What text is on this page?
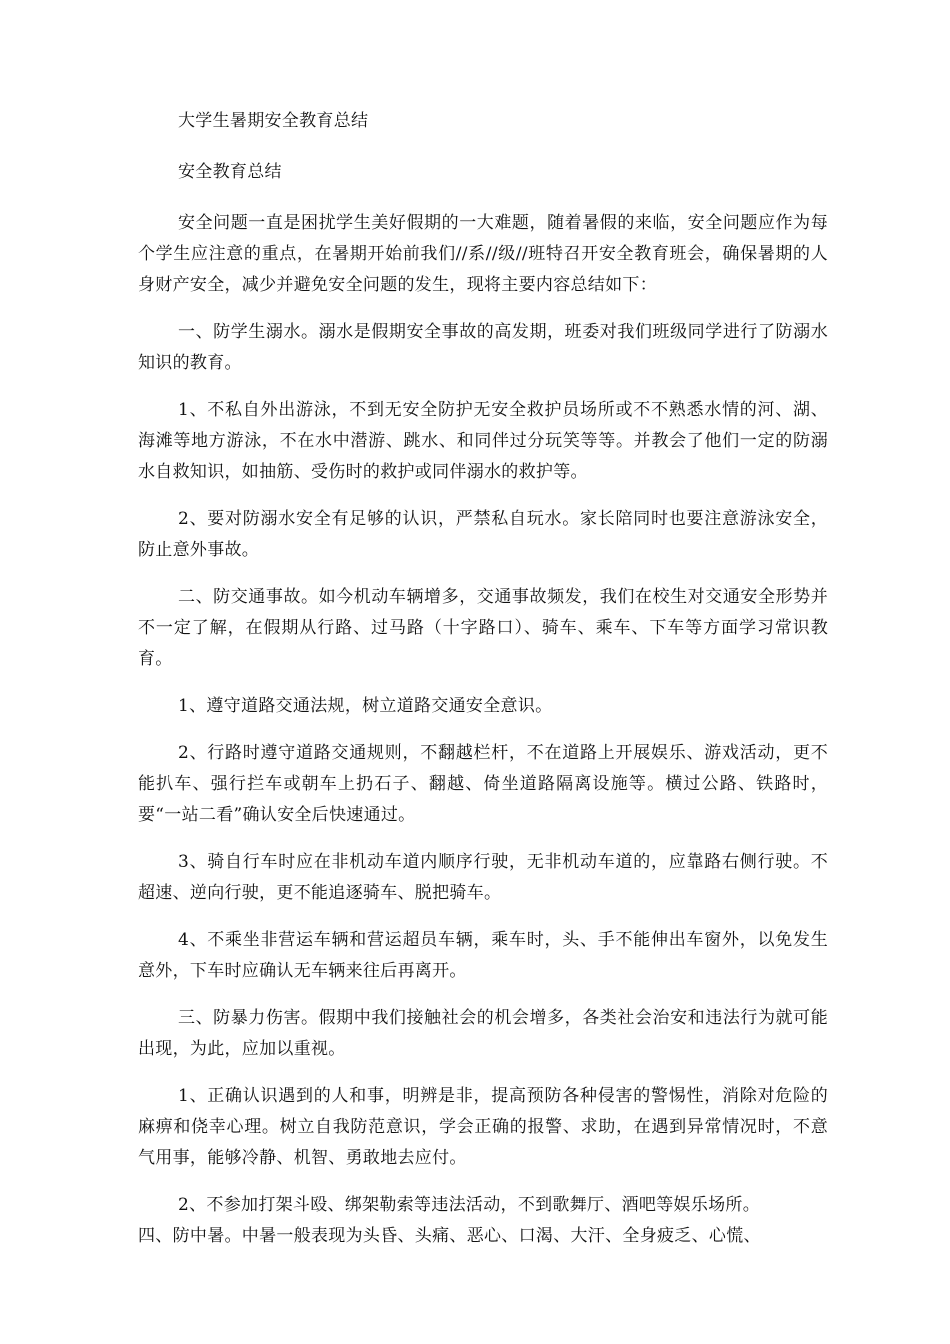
大学生暑期安全教育总结

安全教育总结

安全问题一直是困扰学生美好假期的一大难题，随着暑假的来临，安全问题应作为每个学生应注意的重点，在暑期开始前我们//系//级//班特召开安全教育班会，确保暑期的人身财产安全，减少并避免安全问题的发生，现将主要内容总结如下：

一、防学生溺水。溺水是假期安全事故的高发期，班委对我们班级同学进行了防溺水知识的教育。

1、不私自外出游泳，不到无安全防护无安全救护员场所或不不熟悉水情的河、湖、海滩等地方游泳，不在水中潜游、跳水、和同伴过分玩笑等等。并教会了他们一定的防溺水自救知识，如抽筋、受伤时的救护或同伴溺水的救护等。

2、要对防溺水安全有足够的认识，严禁私自玩水。家长陪同时也要注意游泳安全，防止意外事故。

二、防交通事故。如今机动车辆增多，交通事故频发，我们在校生对交通安全形势并不一定了解，在假期从行路、过马路（十字路口）、骑车、乘车、下车等方面学习常识教育。

1、遵守道路交通法规，树立道路交通安全意识。

2、行路时遵守道路交通规则，不翻越栏杆，不在道路上开展娱乐、游戏活动，更不能扒车、强行拦车或朝车上扔石子、翻越、倚坐道路隔离设施等。横过公路、铁路时，要“一站二看”确认安全后快速通过。

3、骑自行车时应在非机动车道内顺序行驶，无非机动车道的，应靠路右侧行驶。不超速、逆向行驶，更不能追逐骑车、脱把骑车。

4、不乘坐非营运车辆和营运超员车辆，乘车时，头、手不能伸出车窗外，以免发生意外，下车时应确认无车辆来往后再离开。

三、防暴力伤害。假期中我们接触社会的机会增多，各类社会治安和违法行为就可能出现，为此，应加以重视。

1、正确认识遇到的人和事，明辨是非，提高预防各种侵害的警惕性，消除对危险的麻痹和侥幸心理。树立自我防范意识，学会正确的报警、求助，在遇到异常情况时，不意气用事，能够冷静、机智、勇敢地去应付。

2、不参加打架斗殴、绑架勒索等违法活动，不到歌舞厅、酒吧等娱乐场所。

四、防中暑。中暑一般表现为头昏、头痛、恶心、口渴、大汗、全身疲乏、心慌、
